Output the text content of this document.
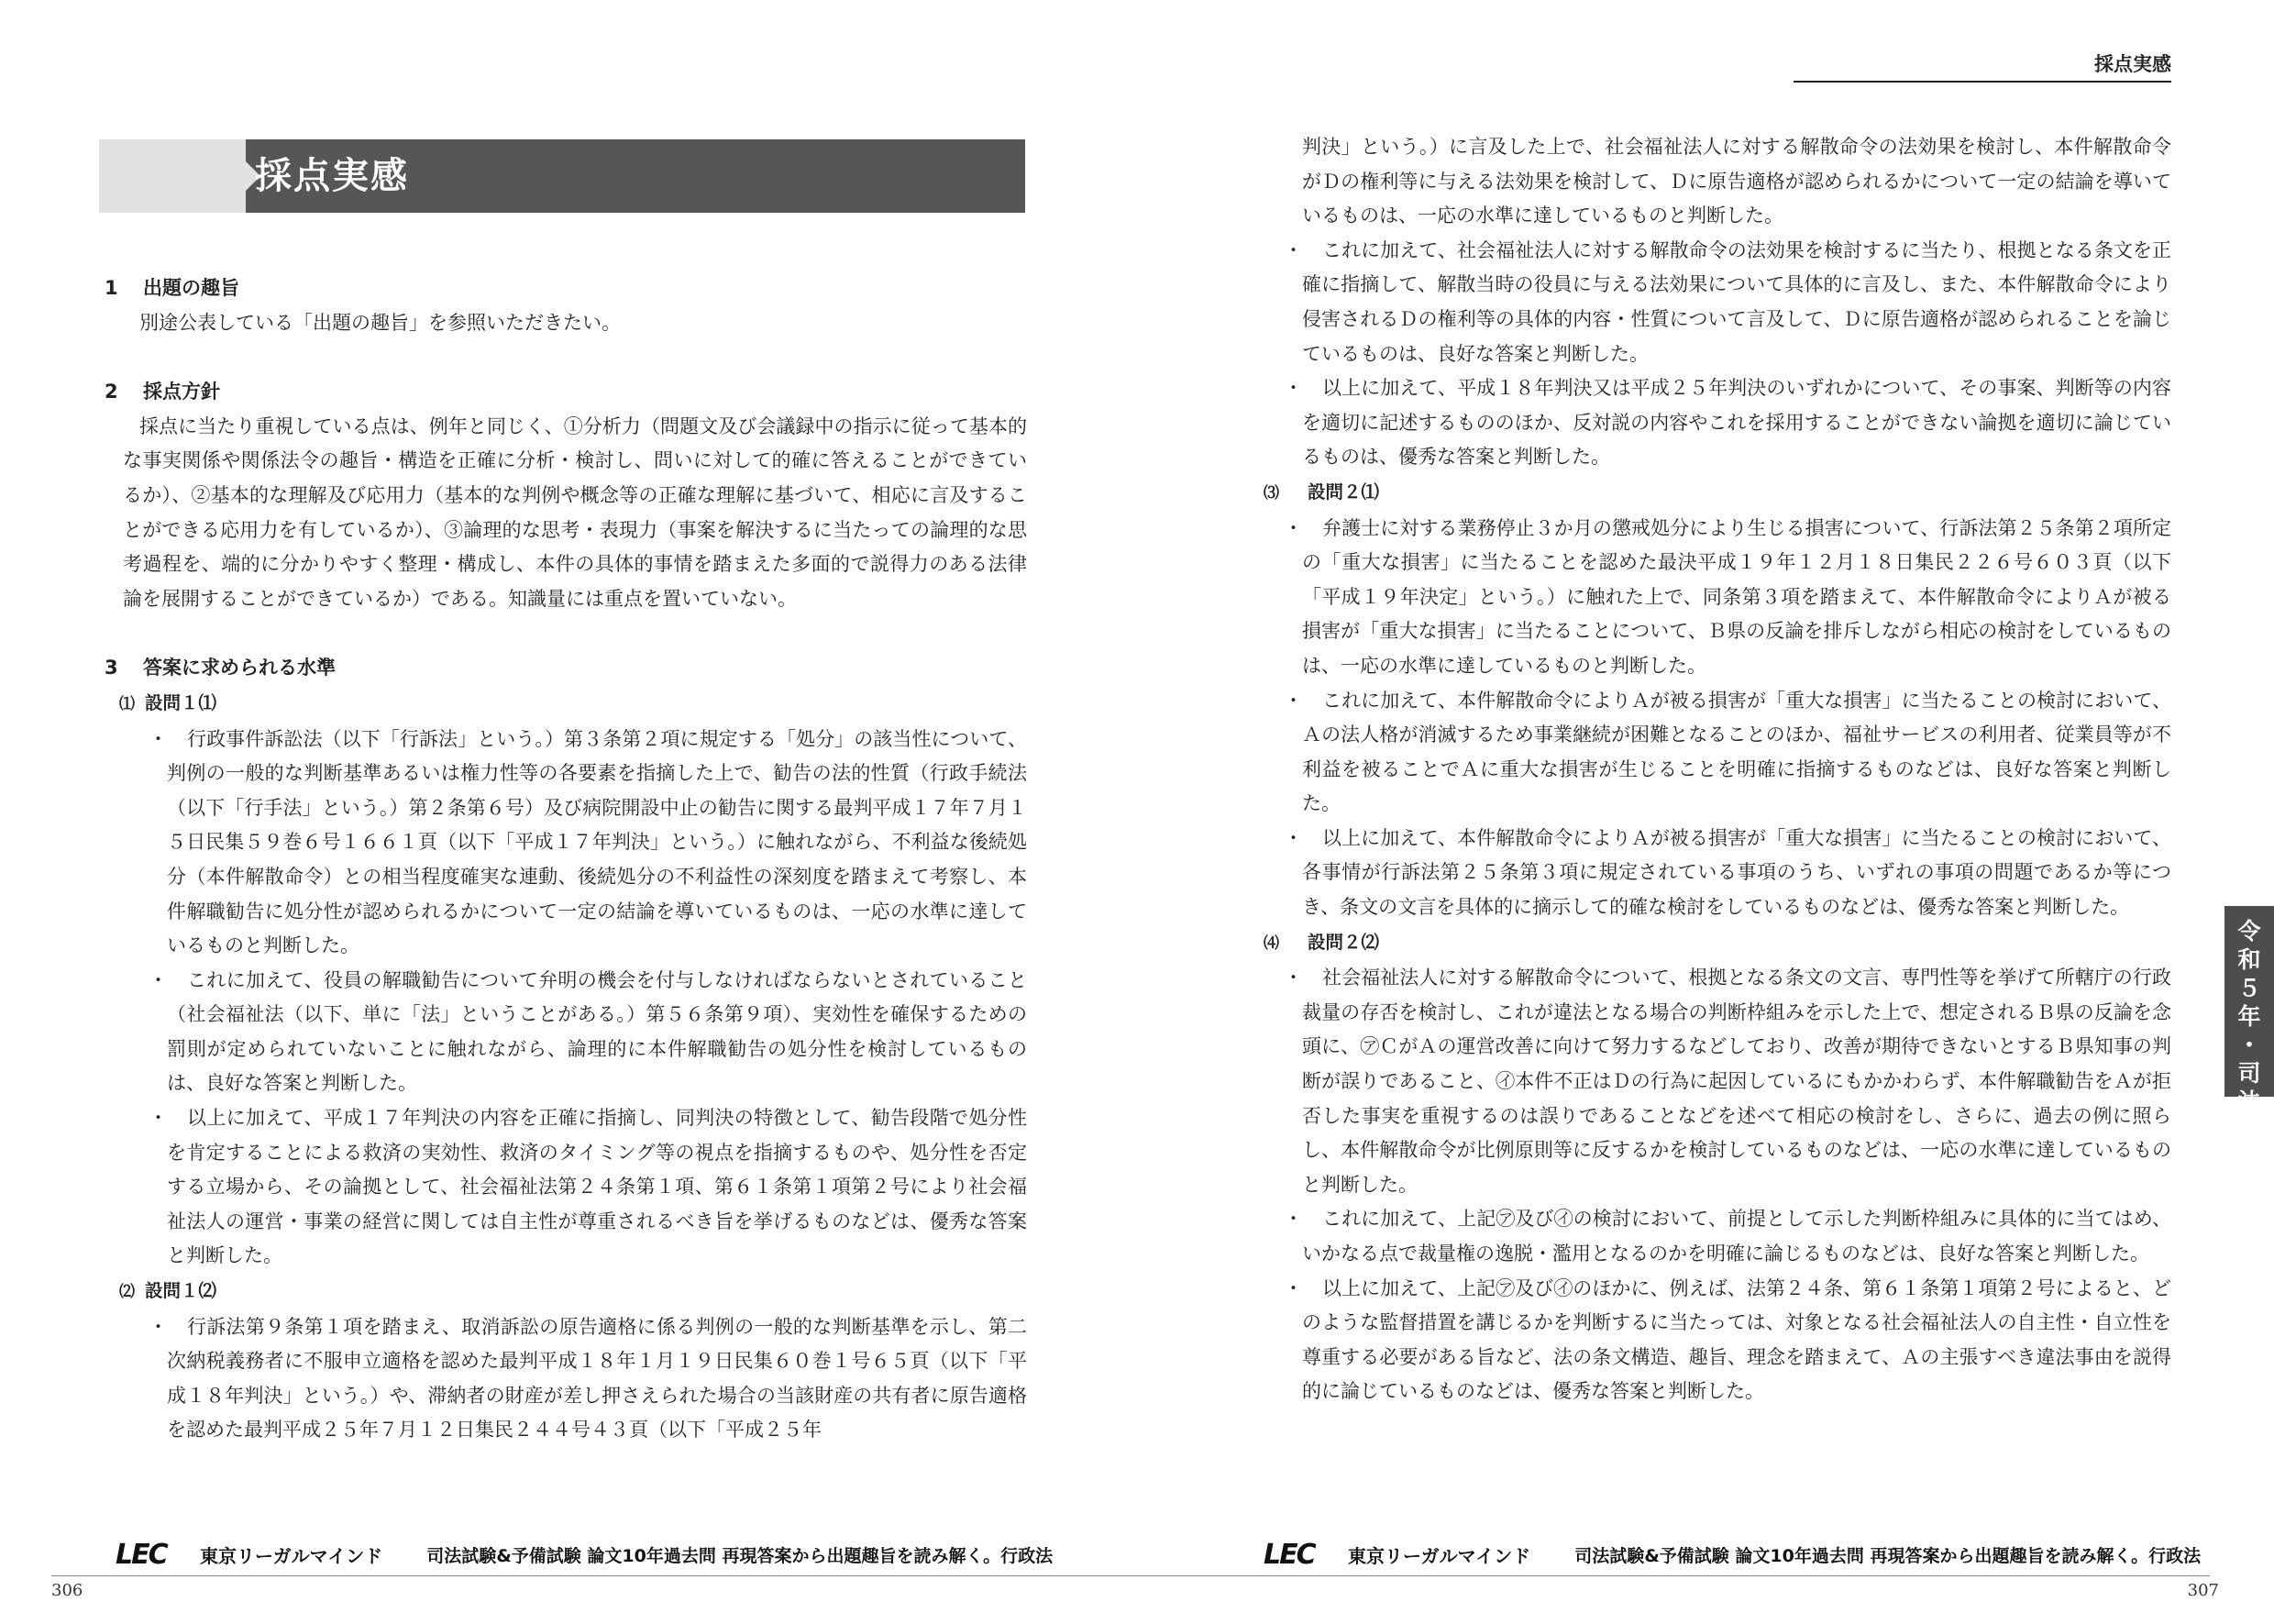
採点実感
1 出題の趣旨

別途公表している「出題の趣旨」を参照いただきたい。

2 採点方針

採点に当たり重視している点は、例年と同じく、①分析力（問題文及び会議録中の指示に従って基本的な事実関係や関係法令の趣旨・構造を正確に分析・検討し、問いに対して的確に答えることができているか）、②基本的な理解及び応用力（基本的な判例や概念等の正確な理解に基づいて、相応に言及することができる応用力を有しているか）、③論理的な思考・表現力（事案を解決するに当たっての論理的な思考過程を、端的に分かりやすく整理・構成し、本件の具体的事情を踏まえた多面的で説得力のある法律論を展開することができているか）である。知識量には重点を置いていない。

3 答案に求められる水準
⑴ 設問１⑴

・ 行政事件訴訟法（以下「行訴法」という。）第３条第２項に規定する「処分」の該当性について、判例の一般的な判断基準あるいは権力性等の各要素を指摘した上で、勧告の法的性質（行政手続法（以下「行手法」という。）第２条第６号）及び病院開設中止の勧告に関する最判平成１７年７月１５日民集５９巻６号１６６１頁（以下「平成１７年判決」という。）に触れながら、不利益な後続処分（本件解散命令）との相当程度確実な連動、後続処分の不利益性の深刻度を踏まえて考察し、本件解職勧告に処分性が認められるかについて一定の結論を導いているものは、一応の水準に達しているものと判断した。

・ これに加えて、役員の解職勧告について弁明の機会を付与しなければならないとされていること（社会福祉法（以下、単に「法」ということがある。）第５６条第９項）、実効性を確保するための罰則が定められていないことに触れながら、論理的に本件解職勧告の処分性を検討しているものは、良好な答案と判断した。

・ 以上に加えて、平成１７年判決の内容を正確に指摘し、同判決の特徴として、勧告段階で処分性を肯定することによる救済の実効性、救済のタイミング等の視点を指摘するものや、処分性を否定する立場から、その論拠として、社会福祉法第２４条第１項、第６１条第１項第２号により社会福祉法人の運営・事業の経営に関しては自主性が尊重されるべき旨を挙げるものなどは、優秀な答案と判断した。

⑵ 設問１⑵

・ 行訴法第９条第１項を踏まえ、取消訴訟の原告適格に係る判例の一般的な判断基準を示し、第二次納税義務者に不服申立適格を認めた最判平成１８年１月１９日民集６０巻１号６５頁（以下「平成１８年判決」という。）や、滞納者の財産が差し押さえられた場合の当該財産の共有者に原告適格を認めた最判平成２５年７月１２日集民２４４号４３頁（以下「平成２５年

LEC	東京リーガルマインド	司法試験&予備試験 論文10年過去問 再現答案から出題趣旨を読み解く。行政法
306
採点実感

判決」という。）に言及した上で、社会福祉法人に対する解散命令の法効果を検討し、本件解散命令がＤの権利等に与える法効果を検討して、Ｄに原告適格が認められるかについて一定の結論を導いているものは、一応の水準に達しているものと判断した。

・ これに加えて、社会福祉法人に対する解散命令の法効果を検討するに当たり、根拠となる条文を正確に指摘して、解散当時の役員に与える法効果について具体的に言及し、また、本件解散命令により侵害されるＤの権利等の具体的内容・性質について言及して、Ｄに原告適格が認められることを論じているものは、良好な答案と判断した。

・ 以上に加えて、平成１８年判決又は平成２５年判決のいずれかについて、その事案、判断等の内容を適切に記述するもののほか、反対説の内容やこれを採用することができない論拠を適切に論じているものは、優秀な答案と判断した。

⑶ 設問２⑴

・ 弁護士に対する業務停止３か月の懲戒処分により生じる損害について、行訴法第２５条第２項所定の「重大な損害」に当たることを認めた最決平成１９年１２月１８日集民２２６号６０３頁（以下「平成１９年決定」という。）に触れた上で、同条第３項を踏まえて、本件解散命令によりＡが被る損害が「重大な損害」に当たることについて、Ｂ県の反論を排斥しながら相応の検討をしているものは、一応の水準に達しているものと判断した。

・ これに加えて、本件解散命令によりＡが被る損害が「重大な損害」に当たることの検討において、Ａの法人格が消滅するため事業継続が困難となることのほか、福祉サービスの利用者、従業員等が不利益を被ることでＡに重大な損害が生じることを明確に指摘するものなどは、良好な答案と判断した。

・ 以上に加えて、本件解散命令によりＡが被る損害が「重大な損害」に当たることの検討において、各事情が行訴法第２５条第３項に規定されている事項のうち、いずれの事項の問題であるか等につき、条文の文言を具体的に摘示して的確な検討をしているものなどは、優秀な答案と判断した。

⑷ 設問２⑵

・ 社会福祉法人に対する解散命令について、根拠となる条文の文言、専門性等を挙げて所轄庁の行政裁量の存否を検討し、これが違法となる場合の判断枠組みを示した上で、想定されるＢ県の反論を念頭に、㋐ＣがＡの運営改善に向けて努力するなどしており、改善が期待できないとするＢ県知事の判断が誤りであること、㋑本件不正はＤの行為に起因しているにもかかわらず、本件解職勧告をＡが拒否した事実を重視するのは誤りであることなどを述べて相応の検討をし、さらに、過去の例に照らし、本件解散命令が比例原則等に反するかを検討しているものなどは、一応の水準に達しているものと判断した。

・ これに加えて、上記㋐及び㋑の検討において、前提として示した判断枠組みに具体的に当てはめ、いかなる点で裁量権の逸脱・濫用となるのかを明確に論じるものなどは、良好な答案と判断した。

・ 以上に加えて、上記㋐及び㋑のほかに、例えば、法第２４条、第６１条第１項第２号によると、どのような監督措置を講じるかを判断するに当たっては、対象となる社会福祉法人の自主性・自立性を尊重する必要がある旨など、法の条文構造、趣旨、理念を踏まえて、Ａの主張すべき違法事由を説得的に論じているものなどは、優秀な答案と判断した。

令
和
５
年
・
司
法
LEC	東京リーガルマインド	司法試験&予備試験 論文10年過去問 再現答案から出題趣旨を読み解く。行政法
307
